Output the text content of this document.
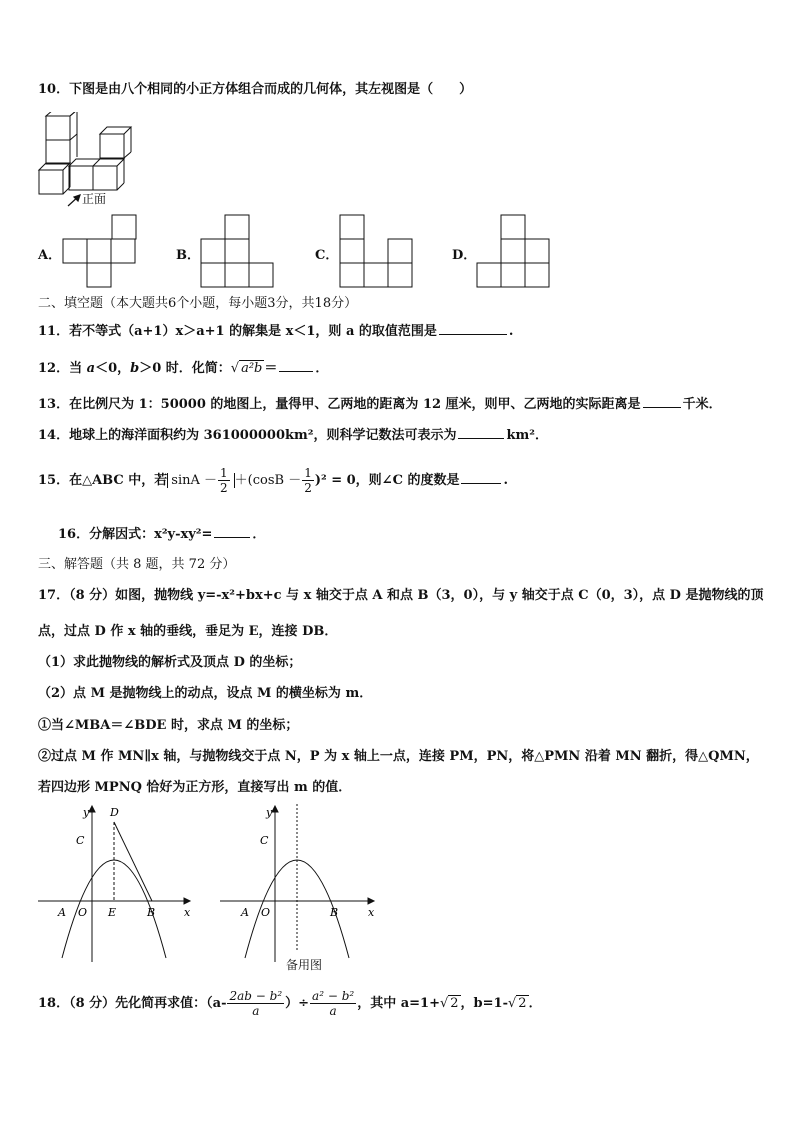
10．下图是由八个相同的小正方体组合而成的几何体，其左视图是（　　）
正面
A．	B．	C．	D．
二、填空题（本大题共6个小题，每小题3分，共18分）
11．若不等式（a+1）x＞a+1 的解集是 x＜1，则 a 的取值范围是	.
12．当 a＜0，b＞0 时．化简：√ a²b ＝	．
13．在比例尺为 1：50000 的地图上，量得甲、乙两地的距离为 12 厘米，则甲、乙两地的实际距离是	千米．
14．地球上的海洋面积约为 361000000km²，则科学记数法可表示为	km²．
15．在△ABC 中，若 $\sin A - \frac{1}{2} +(\cos B - \frac{1}{2} )^2 = 0$，则∠C 的度数是	.
16．分解因式：x²y-xy²=	．
三、解答题（共 8 题，共 72 分）
17．（8 分）如图，抛物线 y=-x²+bx+c 与 x 轴交于点 A 和点 B（3，0），与 y 轴交于点 C（0，3），点 D 是抛物线的顶
点，过点 D 作 x 轴的垂线，垂足为 E，连接 DB．
（1）求此抛物线的解析式及顶点 D 的坐标；
（2）点 M 是抛物线上的动点，设点 M 的横坐标为 m．
①当∠MBA＝∠BDE 时，求点 M 的坐标；
②过点 M 作 MN∥x 轴，与抛物线交于点 N，P 为 x 轴上一点，连接 PM，PN，将△PMN 沿着 MN 翻折，得△QMN，
若四边形 MPNQ 恰好为正方形，直接写出 m 的值．
y D
C
A O E	B	x
y
C
A O	B	x
备用图
18．（8 分）先化简再求值：（$a- \frac{\text{2ab − b²}}{a}$ ）÷ $\frac{\text{a² − b²}}{a}$ ，其中 a=1+√ 2 ，b=1-√ 2 ．
